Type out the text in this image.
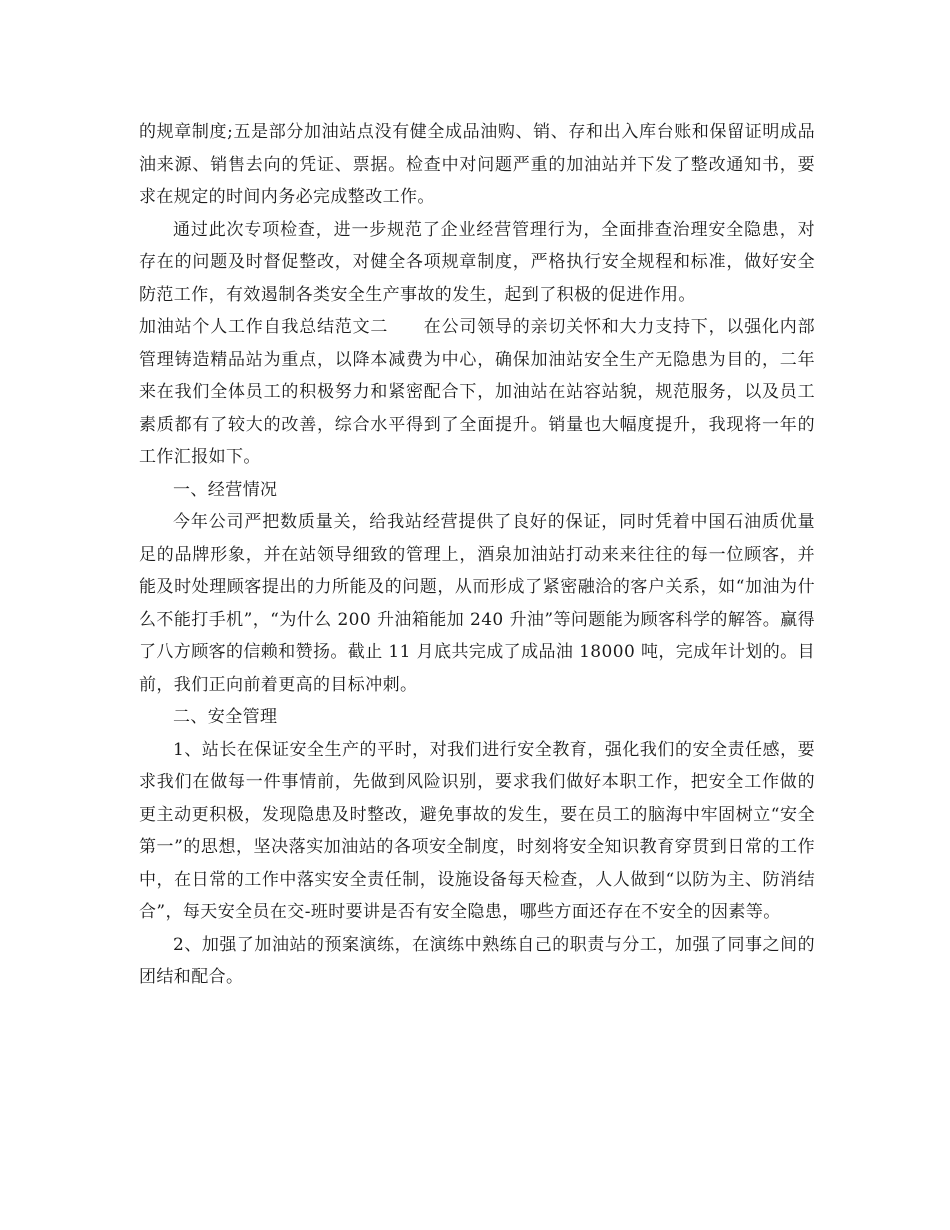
的规章制度;五是部分加油站点没有健全成品油购、销、存和出入库台账和保留证明成品油来源、销售去向的凭证、票据。检查中对问题严重的加油站并下发了整改通知书，要求在规定的时间内务必完成整改工作。

通过此次专项检查，进一步规范了企业经营管理行为，全面排查治理安全隐患，对存在的问题及时督促整改，对健全各项规章制度，严格执行安全规程和标准，做好安全防范工作，有效遏制各类安全生产事故的发生，起到了积极的促进作用。

加油站个人工作自我总结范文二　　在公司领导的亲切关怀和大力支持下，以强化内部管理铸造精品站为重点，以降本减费为中心，确保加油站安全生产无隐患为目的，二年来在我们全体员工的积极努力和紧密配合下，加油站在站容站貌，规范服务，以及员工素质都有了较大的改善，综合水平得到了全面提升。销量也大幅度提升，我现将一年的工作汇报如下。

一、经营情况

今年公司严把数质量关，给我站经营提供了良好的保证，同时凭着中国石油质优量足的品牌形象，并在站领导细致的管理上，酒泉加油站打动来来往往的每一位顾客，并能及时处理顾客提出的力所能及的问题，从而形成了紧密融洽的客户关系，如“加油为什么不能打手机”，“为什么 200 升油箱能加 240 升油”等问题能为顾客科学的解答。赢得了八方顾客的信赖和赞扬。截止 11 月底共完成了成品油 18000 吨，完成年计划的。目前，我们正向前着更高的目标冲刺。

二、安全管理

1、站长在保证安全生产的平时，对我们进行安全教育，强化我们的安全责任感，要求我们在做每一件事情前，先做到风险识别，要求我们做好本职工作，把安全工作做的更主动更积极，发现隐患及时整改，避免事故的发生，要在员工的脑海中牢固树立“安全第一”的思想，坚决落实加油站的各项安全制度，时刻将安全知识教育穿贯到日常的工作中，在日常的工作中落实安全责任制，设施设备每天检查，人人做到“以防为主、防消结合”，每天安全员在交-班时要讲是否有安全隐患，哪些方面还存在不安全的因素等。

2、加强了加油站的预案演练，在演练中熟练自己的职责与分工，加强了同事之间的团结和配合。
